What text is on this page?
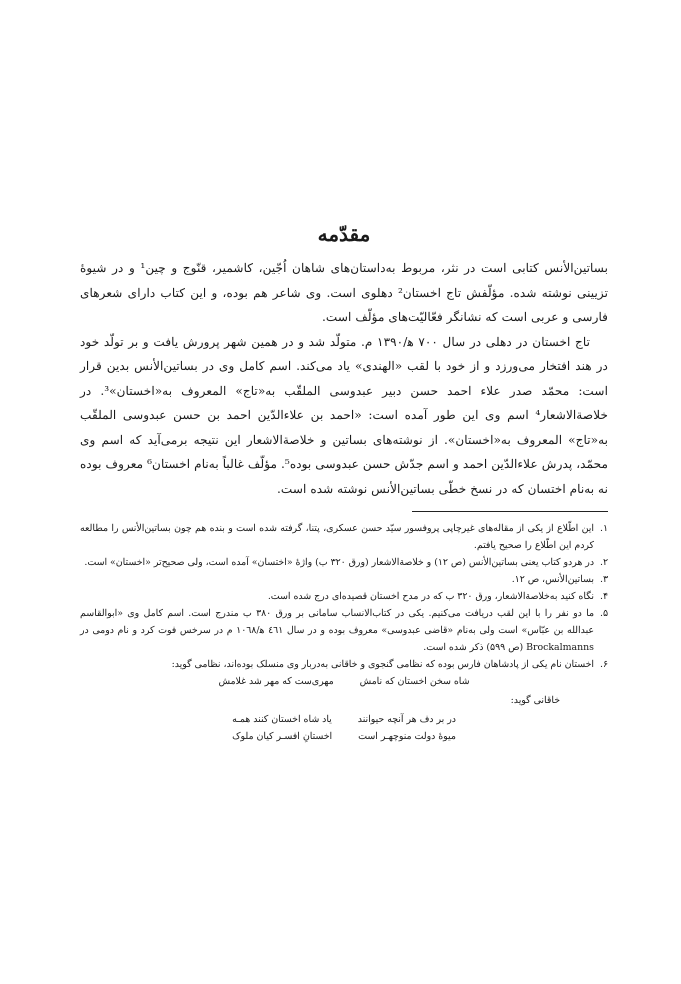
مقدّمه

بساتین‌الأنس کتابی است در نثر، مربوط به‌داستان‌های شاهان اُجّین، کاشمیر، قنّوج و چین¹ و در شیوهٔ تزیینی نوشته شده. مؤلّفش تاج اخستان² دهلوی است. وی شاعر هم بوده، و این کتاب دارای شعرهای فارسی و عربی است که نشانگر فعّالیّت‌های مؤلّف است.

تاج اخستان در دهلی در سال ۷۰۰ ه‍/۱۳۹۰ م. متولّد شد و در همین شهر پرورش یافت و بر تولّد خود در هند افتخار می‌ورزد و از خود با لقب «الهندی» یاد می‌کند. اسم کامل وی در بساتین‌الأنس بدین قرار است: محمّد صدر علاء احمد حسن دبیر عبدوسی الملقّب به«تاج» المعروف به«اخستان»³. در خلاصة‌الاشعار⁴ اسم وی این طور آمده است: «احمد بن علاءالدّین احمد بن حسن عبدوسی الملقّب به«تاج» المعروف به«اخستان». از نوشته‌های بساتین و خلاصة‌الاشعار این نتیجه برمی‌آید که اسم وی محمّد، پدرش علاءالدّین احمد و اسم جدّش حسن عبدوسی بوده⁵. مؤلّف غالباً به‌نام اخستان⁶ معروف بوده نه به‌نام اختسان که در نسخ خطّی بساتین‌الأنس نوشته شده است.

۱.
این اطّلاع از یکی از مقاله‌های غیرچاپی پروفسور سیّد حسن عسکری، پتنا، گرفته شده است و بنده هم چون بساتین‌الأنس را مطالعه کردم این اطّلاع را صحیح یافتم.

۲.
در هردو کتاب یعنی بساتین‌الأنس (ص ۱۲) و خلاصة‌الاشعار (ورق ۳۲۰ ب) واژهٔ «اختسان» آمده است، ولی صحیح‌تر «اخستان» است.

۳.
بساتین‌الأنس، ص ۱۲.

۴.
نگاه کنید به‌خلاصة‌الاشعار، ورق ۳۲۰ ب که در مدح اخستان قصیده‌ای درج شده است.

۵.
ما دو نفر را با این لقب دریافت می‌کنیم. یکی در کتاب‌الانساب سامانی بر ورق ۳۸۰ ب مندرج است. اسم کامل وی «ابوالقاسم عبدالله بن عبّاس» است ولی به‌نام «قاضی عبدوسی» معروف بوده و در سال ٤٦١ ه‍/۱۰٦۸ م در سرخس فوت کرد و نام دومی در Brockalmanns (ص ۵۹۹) ذکر شده است.

۶.
اخستان نام یکی از پادشاهان فارس بوده که نظامی گنجوی و خاقانی به‌دربار وی منسلک بوده‌اند، نظامی گوید:

شاه سخن اخستان که نامش
مهری‌ست که مهر شد غلامش

خاقانی گوید:

در بر دف هر آنچه حیوانند
یاد شاه اخستان کنند همـه

میوهٔ دولت منوچهـر است
اخستانِ افسـر کیان ملوک
